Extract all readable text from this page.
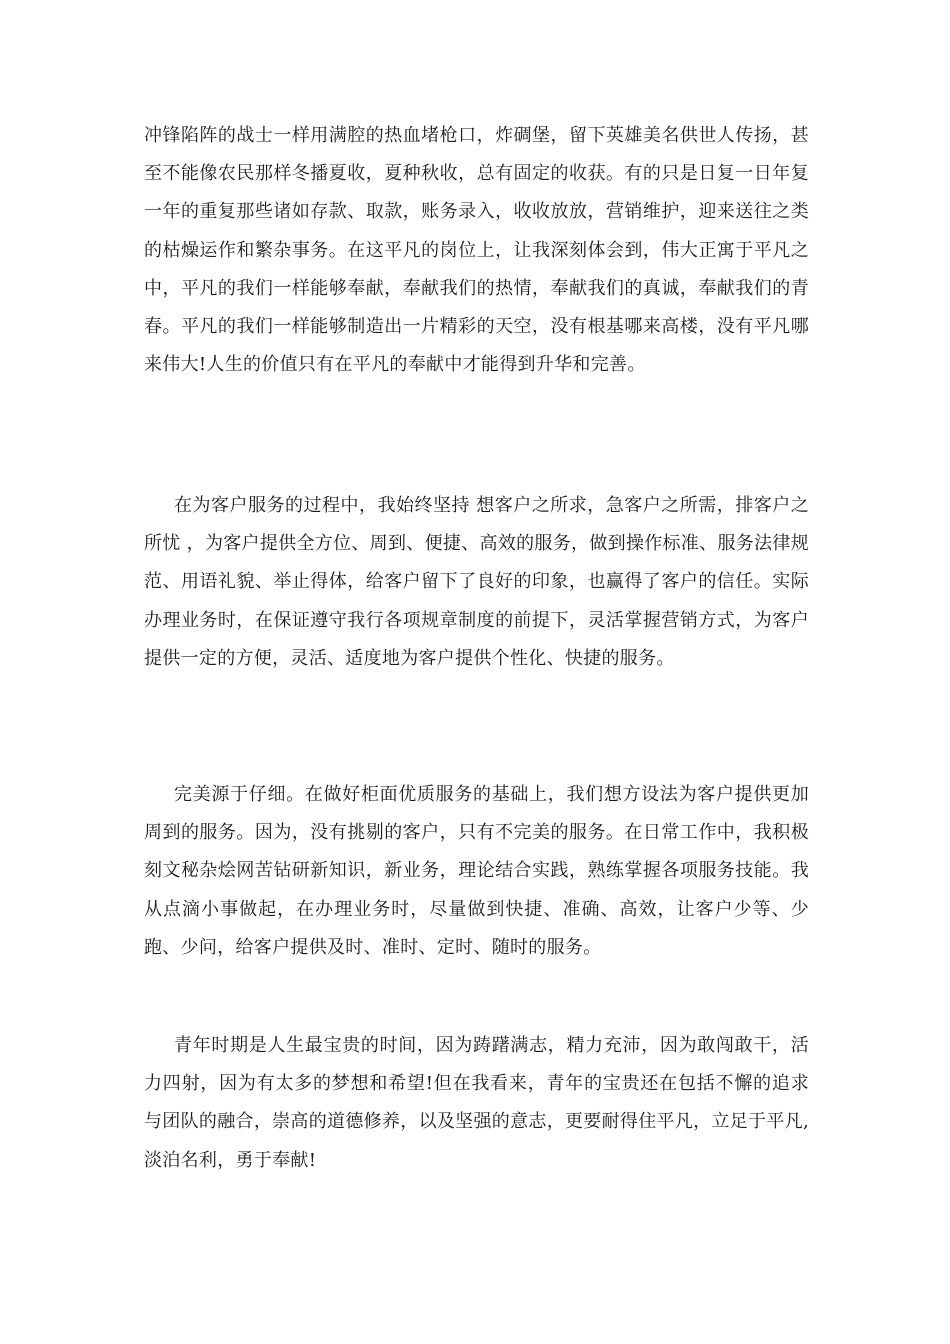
冲锋陷阵的战士一样用满腔的热血堵枪口，炸碉堡，留下英雄美名供世人传扬，甚至不能像农民那样冬播夏收，夏种秋收，总有固定的收获。有的只是日复一日年复一年的重复那些诸如存款、取款，账务录入，收收放放，营销维护，迎来送往之类的枯燥运作和繁杂事务。在这平凡的岗位上，让我深刻体会到，伟大正寓于平凡之中，平凡的我们一样能够奉献，奉献我们的热情，奉献我们的真诚，奉献我们的青春。平凡的我们一样能够制造出一片精彩的天空，没有根基哪来高楼，没有平凡哪来伟大!人生的价值只有在平凡的奉献中才能得到升华和完善。

在为客户服务的过程中，我始终坚持 想客户之所求，急客户之所需，排客户之所忧 ，为客户提供全方位、周到、便捷、高效的服务，做到操作标准、服务法律规范、用语礼貌、举止得体，给客户留下了良好的印象，也赢得了客户的信任。实际办理业务时，在保证遵守我行各项规章制度的前提下，灵活掌握营销方式，为客户提供一定的方便，灵活、适度地为客户提供个性化、快捷的服务。

完美源于仔细。在做好柜面优质服务的基础上，我们想方设法为客户提供更加周到的服务。因为，没有挑剔的客户，只有不完美的服务。在日常工作中，我积极刻文秘杂烩网苦钻研新知识，新业务，理论结合实践，熟练掌握各项服务技能。我从点滴小事做起，在办理业务时，尽量做到快捷、准确、高效，让客户少等、少跑、少问，给客户提供及时、准时、定时、随时的服务。

青年时期是人生最宝贵的时间，因为踌躇满志，精力充沛，因为敢闯敢干，活力四射，因为有太多的梦想和希望!但在我看来，青年的宝贵还在包括不懈的追求与团队的融合，崇高的道德修养，以及坚强的意志，更要耐得住平凡，立足于平凡,淡泊名利，勇于奉献!
